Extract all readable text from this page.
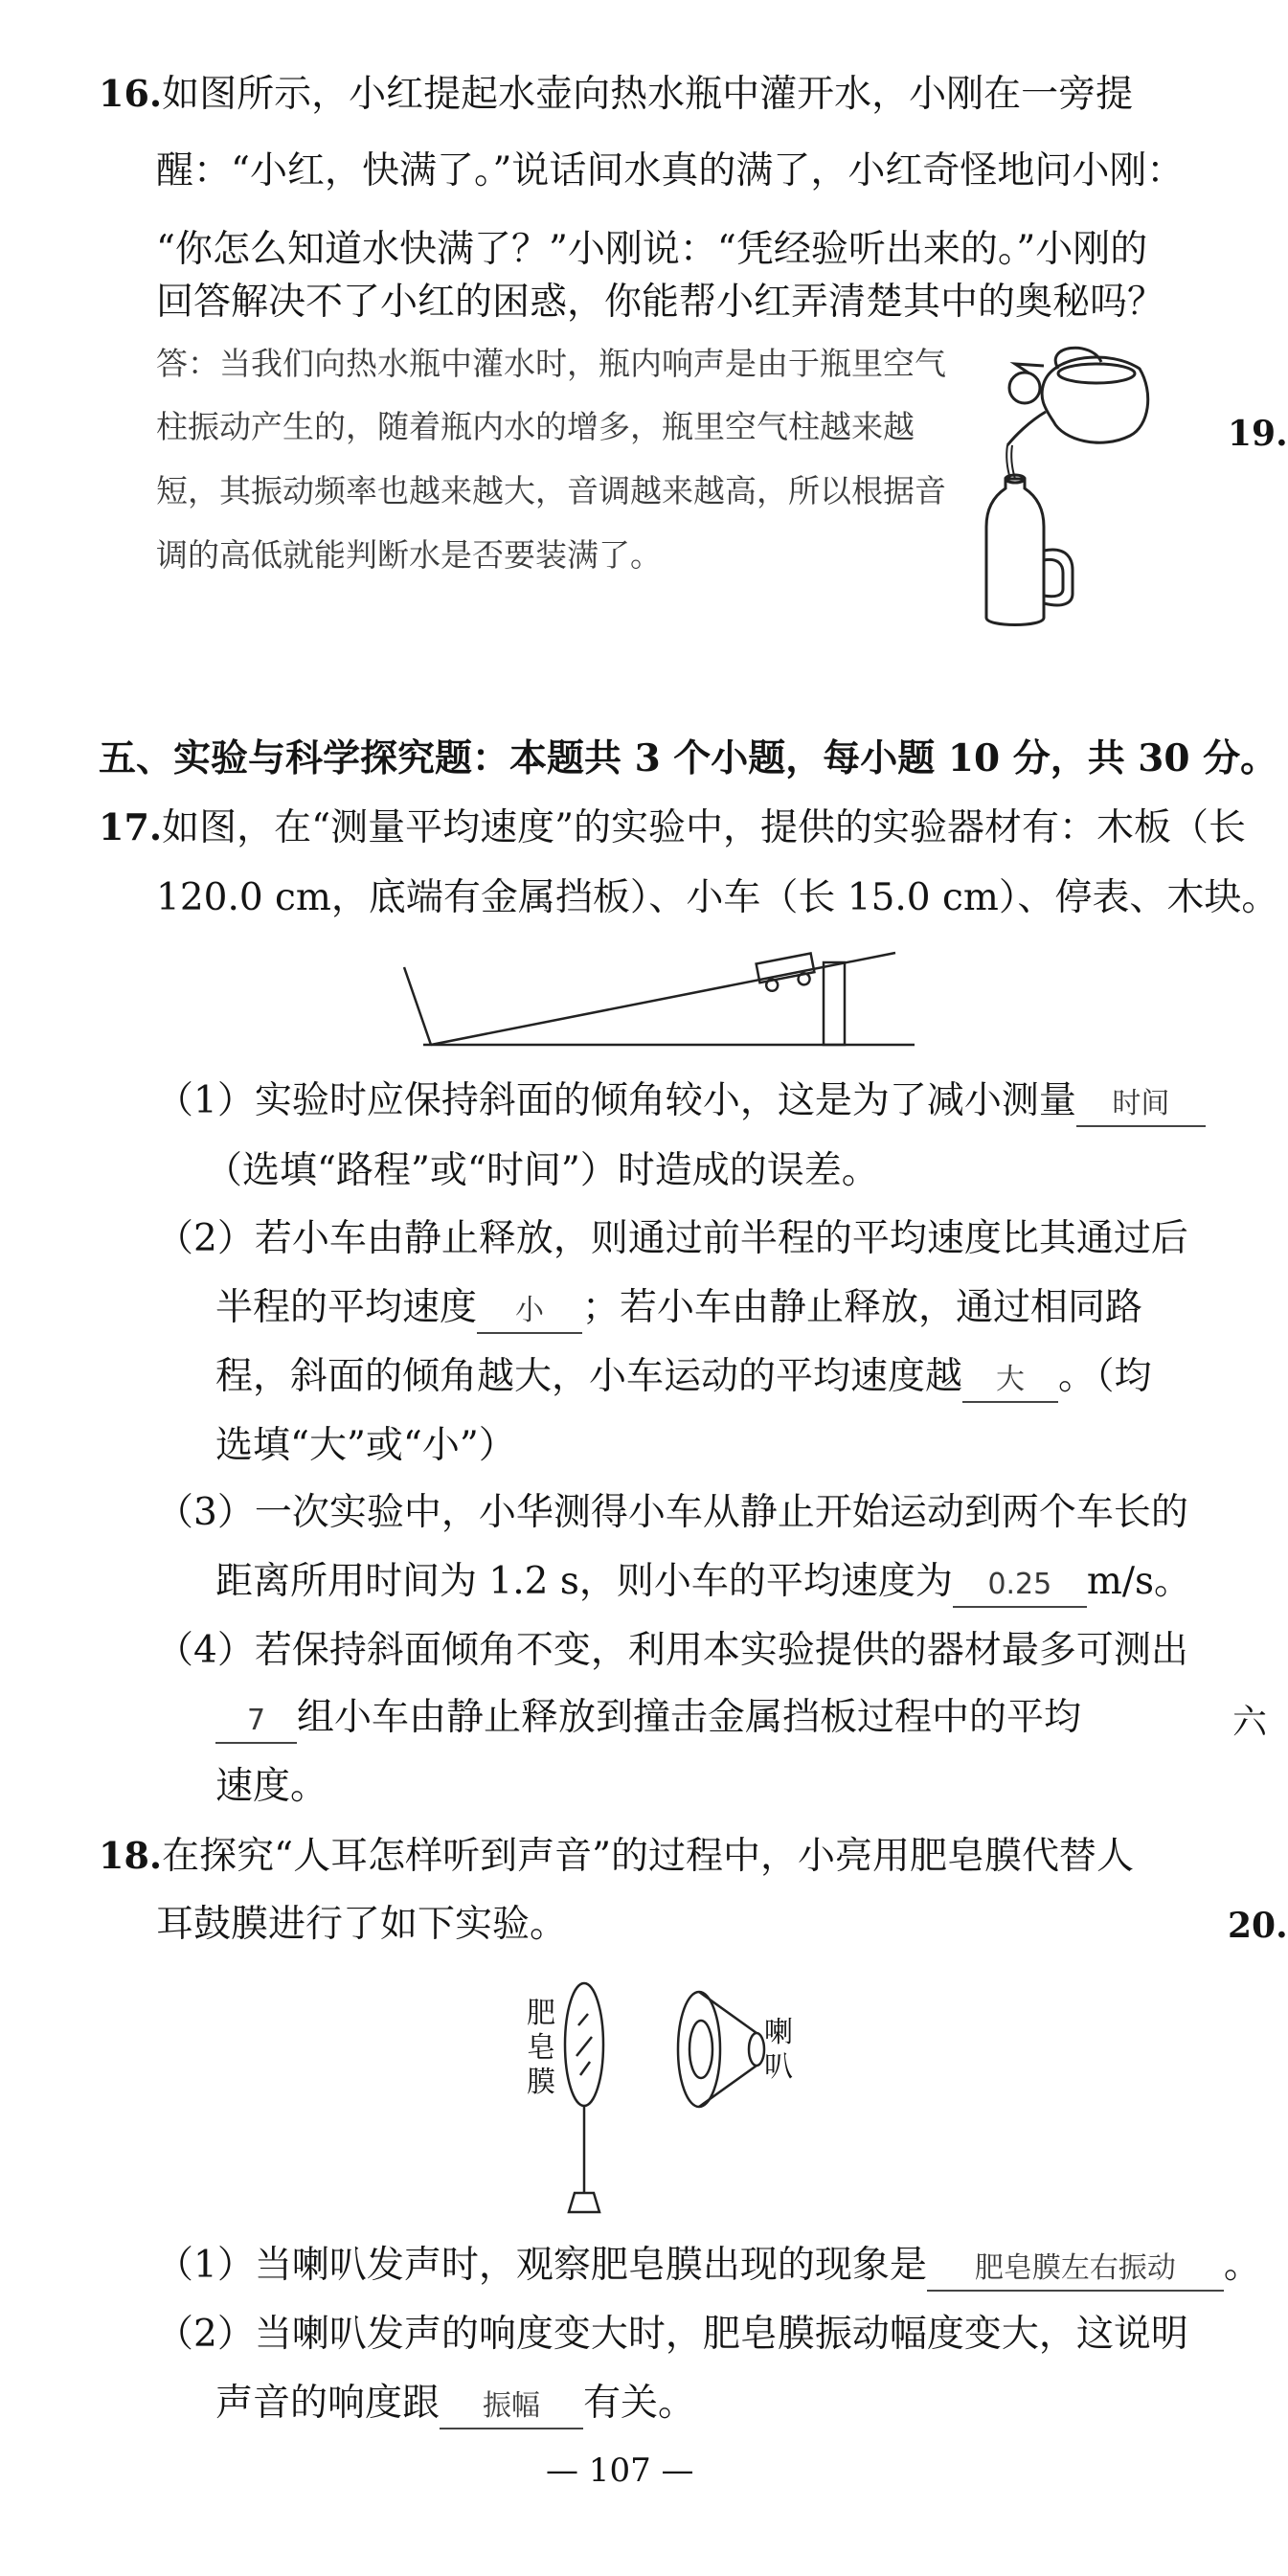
16.如图所示，小红提起水壶向热水瓶中灌开水，小刚在一旁提
醒：“小红，快满了。”说话间水真的满了，小红奇怪地问小刚：
“你怎么知道水快满了？”小刚说：“凭经验听出来的。”小刚的
回答解决不了小红的困惑，你能帮小红弄清楚其中的奥秘吗？
答：当我们向热水瓶中灌水时，瓶内响声是由于瓶里空气
柱振动产生的，随着瓶内水的增多，瓶里空气柱越来越
短，其振动频率也越来越大，音调越来越高，所以根据音
调的高低就能判断水是否要装满了。
五、实验与科学探究题：本题共 3 个小题，每小题 10 分，共 30 分。
17.如图，在“测量平均速度”的实验中，提供的实验器材有：木板（长
120.0 cm，底端有金属挡板）、小车（长 15.0 cm）、停表、木块。
（1）实验时应保持斜面的倾角较小，这是为了减小测量 时间
（选填“路程”或“时间”）时造成的误差。
（2）若小车由静止释放，则通过前半程的平均速度比其通过后
半程的平均速度 小 ；若小车由静止释放，通过相同路
程，斜面的倾角越大，小车运动的平均速度越 大 。（均
选填“大”或“小”）
（3）一次实验中，小华测得小车从静止开始运动到两个车长的
距离所用时间为 1.2 s，则小车的平均速度为 0.25 m/s。
（4）若保持斜面倾角不变，利用本实验提供的器材最多可测出
7 组小车由静止释放到撞击金属挡板过程中的平均
速度。
18.在探究“人耳怎样听到声音”的过程中，小亮用肥皂膜代替人
耳鼓膜进行了如下实验。
肥
皂
膜
喇
叭
（1）当喇叭发声时，观察肥皂膜出现的现象是 肥皂膜左右振动 。
（2）当喇叭发声的响度变大时，肥皂膜振动幅度变大，这说明
声音的响度跟 振幅 有关。
— 107 —
19.
六
20.
